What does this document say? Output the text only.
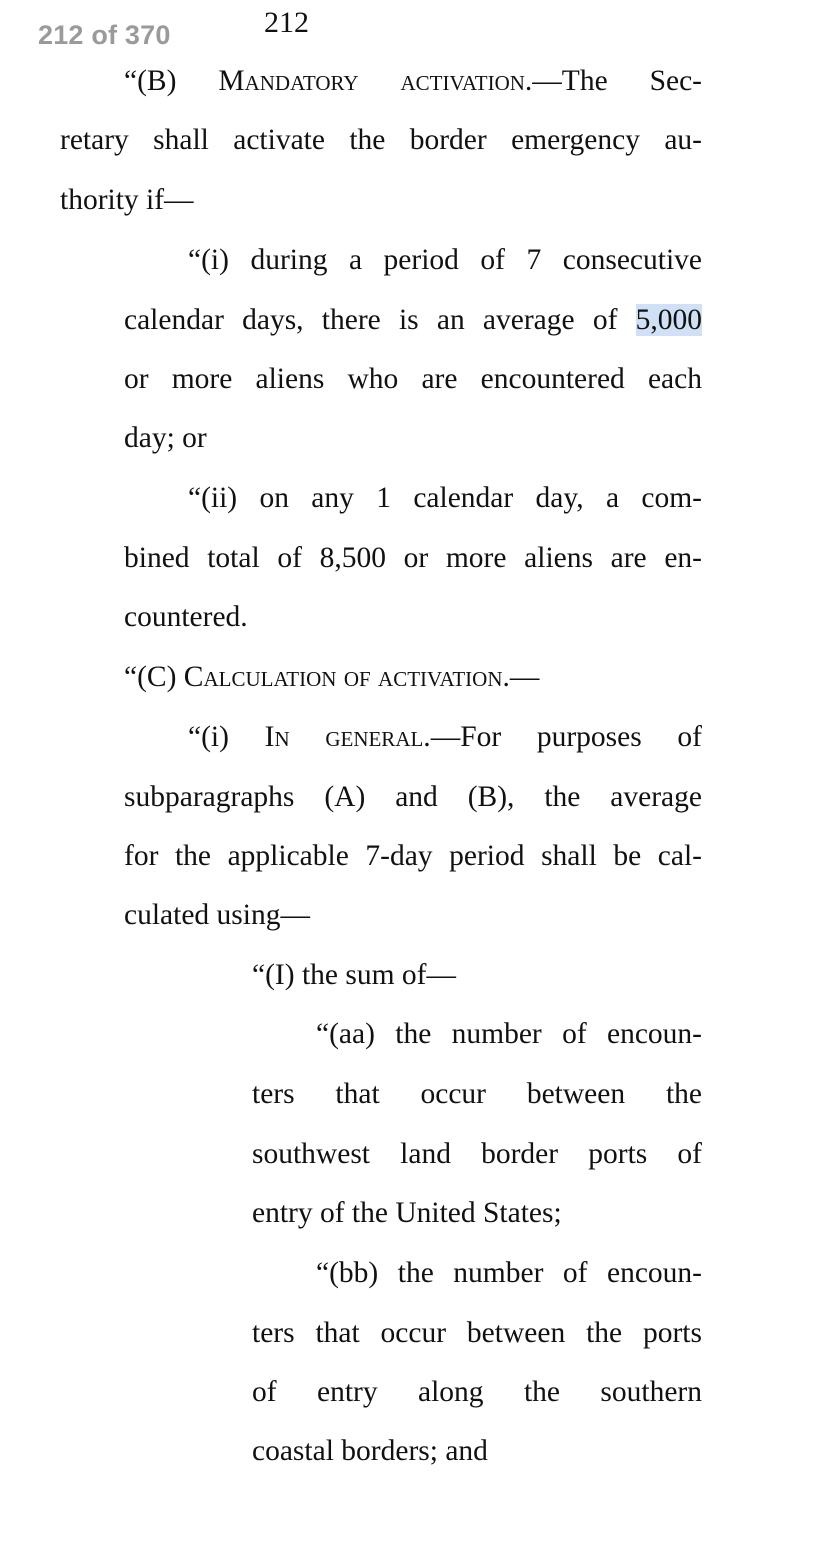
212 of 370	212
“(B) Mandatory activation.—The Sec-
retary shall activate the border emergency au-
thority if—
“(i) during a period of 7 consecutive
calendar days, there is an average of 5,000
or more aliens who are encountered each
day; or
“(ii) on any 1 calendar day, a com-
bined total of 8,500 or more aliens are en-
countered.
“(C) Calculation of activation.—
“(i) In general.—For purposes of
subparagraphs (A) and (B), the average
for the applicable 7-day period shall be cal-
culated using—
“(I) the sum of—
“(aa) the number of encoun-
ters that occur between the
southwest land border ports of
entry of the United States;
“(bb) the number of encoun-
ters that occur between the ports
of entry along the southern
coastal borders; and
